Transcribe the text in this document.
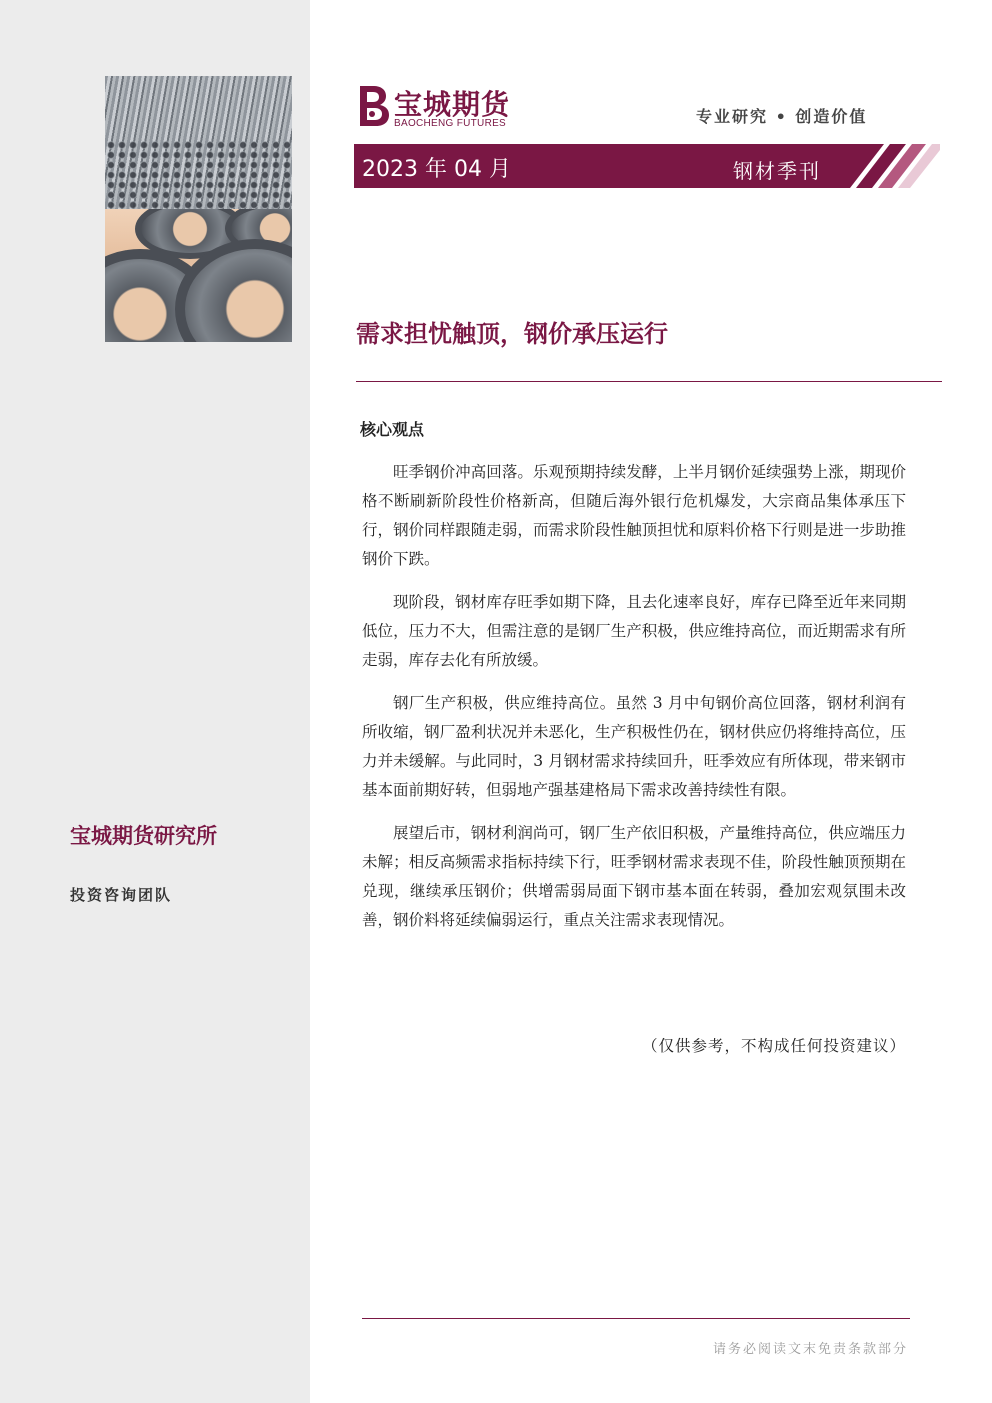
宝城期货研究所
投资咨询团队
宝城期货
BAOCHENG FUTURES	专业研究 • 创造价值
2023 年 04 月	钢材季刊
需求担忧触顶，钢价承压运行
核心观点

旺季钢价冲高回落。乐观预期持续发酵，上半月钢价延续强势上涨，期现价格不断刷新阶段性价格新高，但随后海外银行危机爆发，大宗商品集体承压下行，钢价同样跟随走弱，而需求阶段性触顶担忧和原料价格下行则是进一步助推钢价下跌。

现阶段，钢材库存旺季如期下降，且去化速率良好，库存已降至近年来同期低位，压力不大，但需注意的是钢厂生产积极，供应维持高位，而近期需求有所走弱，库存去化有所放缓。

钢厂生产积极，供应维持高位。虽然 3 月中旬钢价高位回落，钢材利润有所收缩，钢厂盈利状况并未恶化，生产积极性仍在，钢材供应仍将维持高位，压力并未缓解。与此同时，3 月钢材需求持续回升，旺季效应有所体现，带来钢市基本面前期好转，但弱地产强基建格局下需求改善持续性有限。

展望后市，钢材利润尚可，钢厂生产依旧积极，产量维持高位，供应端压力未解；相反高频需求指标持续下行，旺季钢材需求表现不佳，阶段性触顶预期在兑现，继续承压钢价；供增需弱局面下钢市基本面在转弱，叠加宏观氛围未改善，钢价料将延续偏弱运行，重点关注需求表现情况。

（仅供参考，不构成任何投资建议）
请务必阅读文末免责条款部分
